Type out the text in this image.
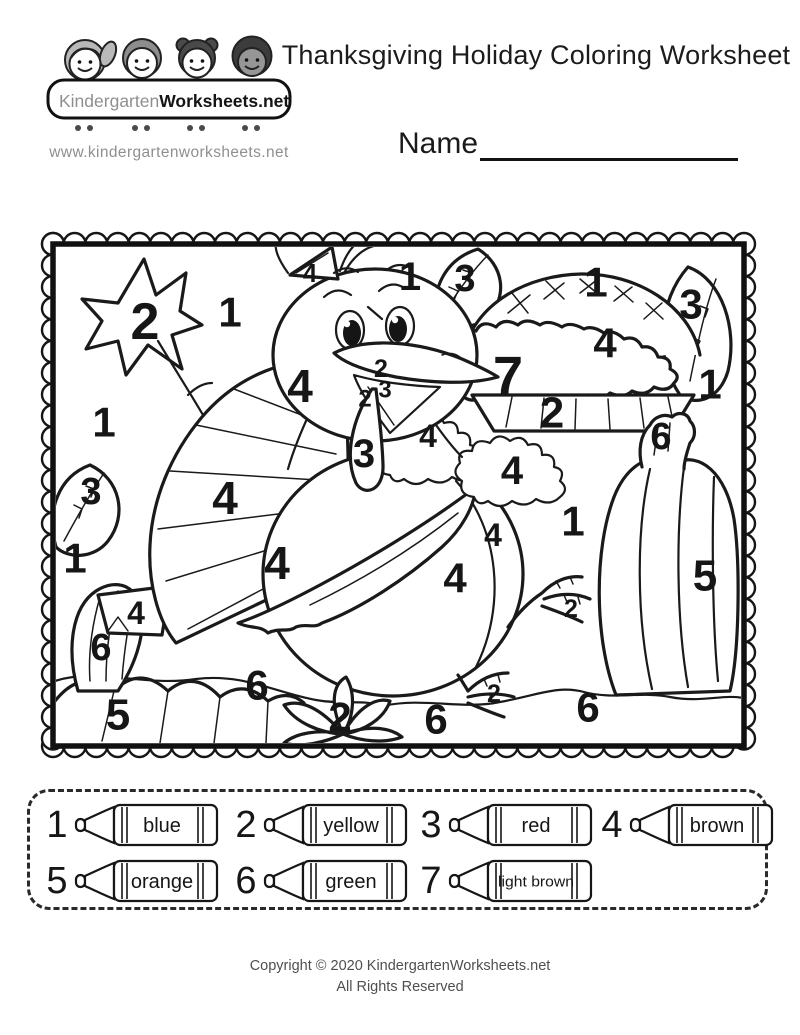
KindergartenWorksheets.net
www.kindergartenworksheets.net
Thanksgiving Holiday Coloring Worksheet
Name
2 1
4 1 3	1 3
4
7	1
2
2
2 3
4
1	6
3 4
4
3 4
1	4
1
4
4	5
4	2
6
6
5	2 6
2 6
1	blue 2	yellow 3	red 4	brown
5	orange 6	green 7	light brown
Copyright © 2020 KindergartenWorksheets.net
All Rights Reserved
